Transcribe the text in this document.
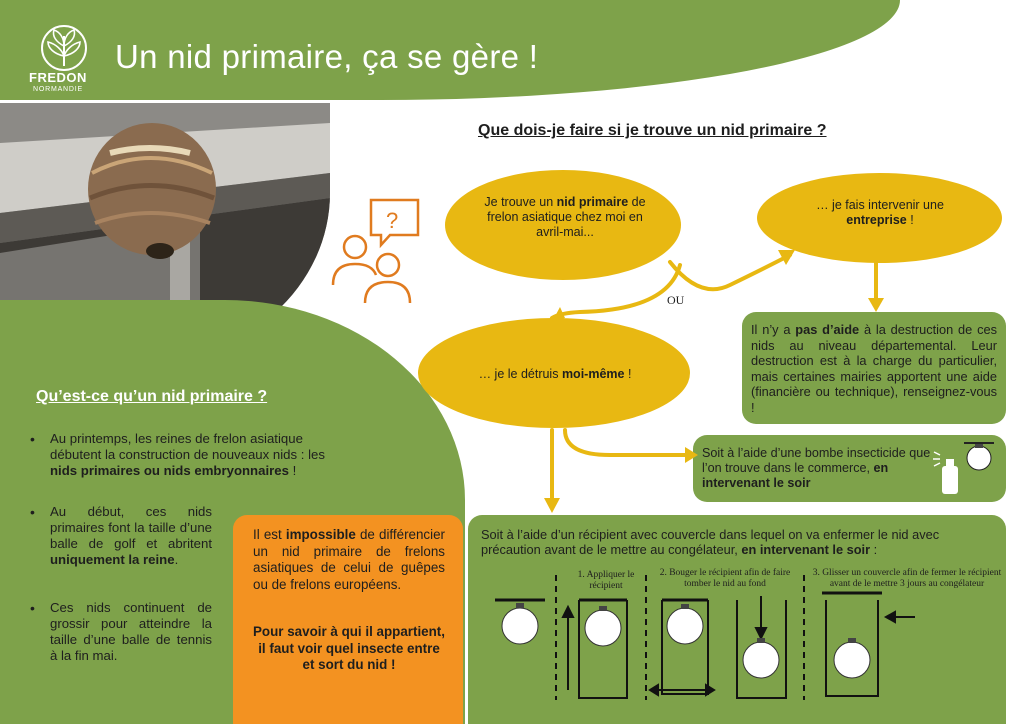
FREDON
NORMANDIE
Un nid primaire, ça se gère !
Qu’est-ce qu’un nid primaire ?
• Au printemps, les reines de frelon asiatique débutent la construction de nouveaux nids : les nids primaires ou nids embryonnaires !
• Au début, ces nids primaires font la taille d’une balle de golf et abritent uniquement la reine.
• Ces nids continuent de grossir pour atteindre la taille d’une balle de tennis à la fin mai.
Il est impossible de différencier un nid primaire de frelons asiatiques de celui de guêpes ou de frelons européens.
Pour savoir à qui il appartient, il faut voir quel insecte entre et sort du nid !
Que dois-je faire si je trouve un nid primaire ?
?
Je trouve un nid primaire de frelon asiatique chez moi en avril-mai...
… je fais intervenir une entreprise !
… je le détruis moi-même !
OU
Il n’y a pas d’aide à la destruction de ces nids au niveau départemental. Leur destruction est à la charge du particulier, mais certaines mairies apportent une aide (financière ou technique), renseignez-vous !
Soit à l’aide d’une bombe insecticide que l’on trouve dans le commerce, en intervenant le soir
Soit à l’aide d’un récipient avec couvercle dans lequel on va enfermer le nid avec précaution avant de le mettre au congélateur, en intervenant le soir :
1. Appliquer le récipient
2. Bouger le récipient afin de faire tomber le nid au fond
3. Glisser un couvercle afin de fermer le récipient avant de le mettre 3 jours au congélateur
